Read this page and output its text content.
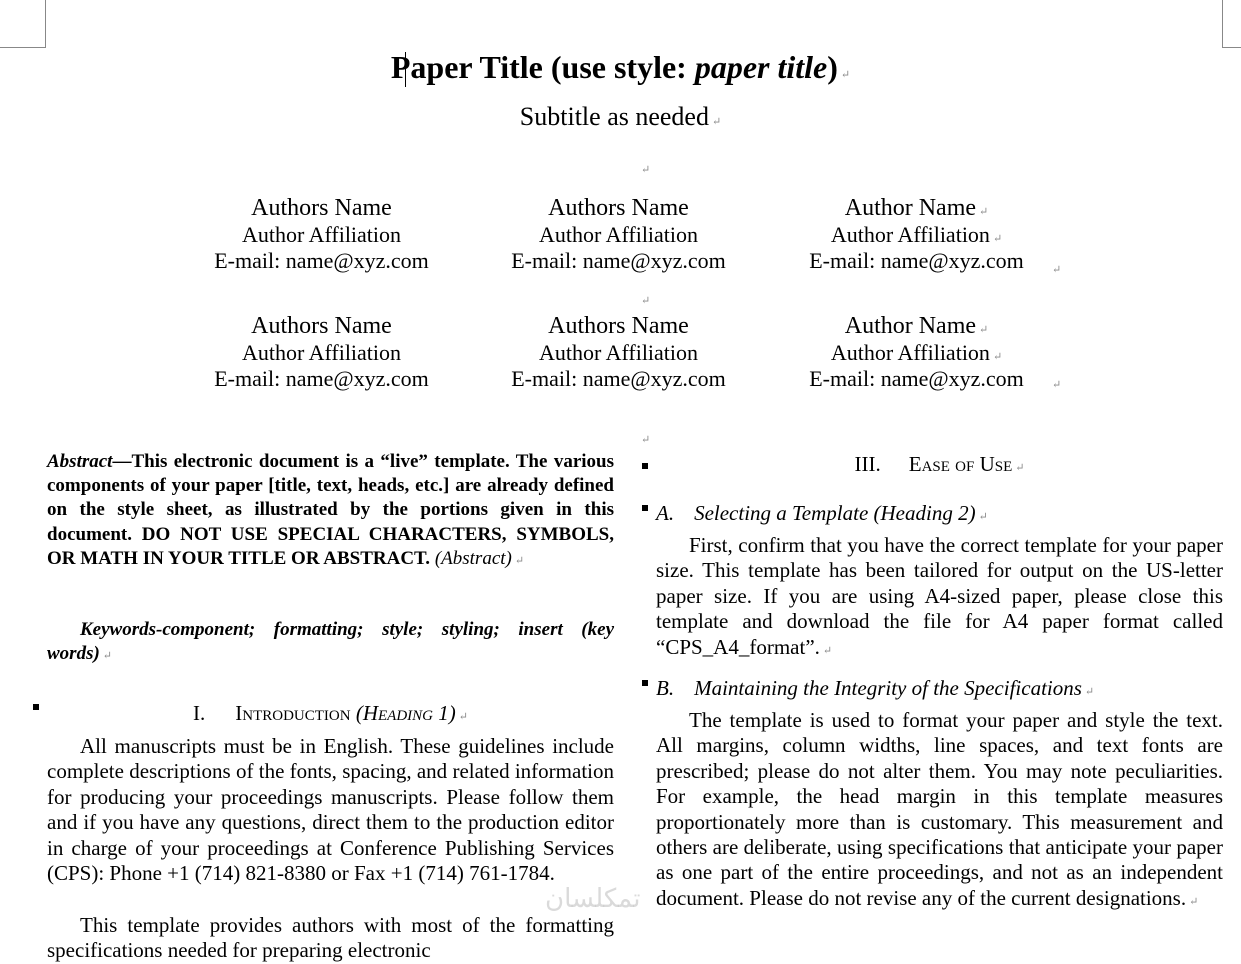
Paper Title (use style: paper title) ↵
Subtitle as needed ↵
↵
Authors Name
Author Affiliation
E-mail: name@xyz.com
Authors Name
Author Affiliation
E-mail: name@xyz.com
Author Name ↵
Author Affiliation ↵
E-mail: name@xyz.com	↵
↵
Authors Name
Author Affiliation
E-mail: name@xyz.com
Authors Name
Author Affiliation
E-mail: name@xyz.com
Author Name ↵
Author Affiliation ↵
E-mail: name@xyz.com	↵
↵
Abstract—This electronic document is a “live” template. The various components of your paper [title, text, heads, etc.] are already defined on the style sheet, as illustrated by the portions given in this document. DO NOT USE SPECIAL CHARACTERS, SYMBOLS, OR MATH IN YOUR TITLE OR ABSTRACT. (Abstract) ↵
Keywords-component; formatting; style; styling; insert (key words) ↵
I. Introduction (Heading 1) ↵
All manuscripts must be in English. These guidelines include complete descriptions of the fonts, spacing, and related information for producing your proceedings manuscripts. Please follow them and if you have any questions, direct them to the production editor in charge of your proceedings at Conference Publishing Services (CPS): Phone +1 (714) 821-8380 or Fax +1 (714) 761-1784.
This template provides authors with most of the formatting specifications needed for preparing electronic
III. Ease of Use ↵
A. Selecting a Template (Heading 2) ↵
First, confirm that you have the correct template for your paper size. This template has been tailored for output on the US-letter paper size. If you are using A4-sized paper, please close this template and download the file for A4 paper format called “CPS_A4_format”. ↵
B. Maintaining the Integrity of the Specifications ↵
The template is used to format your paper and style the text. All margins, column widths, line spaces, and text fonts are prescribed; please do not alter them. You may note peculiarities. For example, the head margin in this template measures proportionately more than is customary. This measurement and others are deliberate, using specifications that anticipate your paper as one part of the entire proceedings, and not as an independent document. Please do not revise any of the current designations. ↵
تمکلسان
